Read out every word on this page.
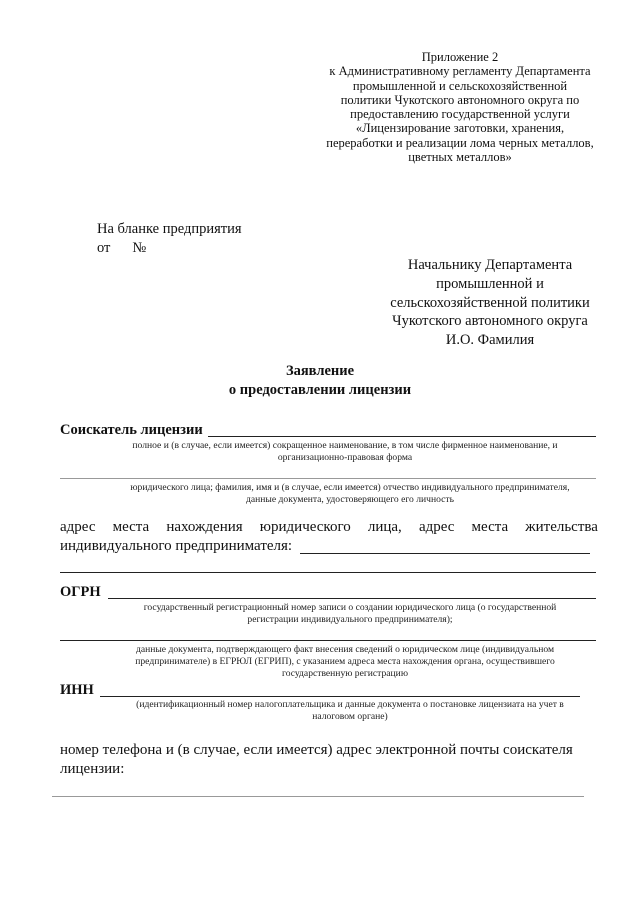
Приложение 2
к Административному регламенту Департамента
промышленной и сельскохозяйственной
политики Чукотского автономного округа по
предоставлению государственной услуги
«Лицензирование заготовки, хранения,
переработки и реализации лома черных металлов,
цветных металлов»
На бланке предприятия
от №
Начальнику Департамента
промышленной и
сельскохозяйственной политики
Чукотского автономного округа
И.О. Фамилия
Заявление
о предоставлении лицензии
Соискатель лицензии
полное и (в случае, если имеется) сокращенное наименование, в том числе фирменное наименование, и
организационно-правовая форма
юридического лица; фамилия, имя и (в случае, если имеется) отчество индивидуального предпринимателя,
данные документа, удостоверяющего его личность
адрес места нахождения юридического лица, адрес места жительства
индивидуального предпринимателя:
ОГРН
государственный регистрационный номер записи о создании юридического лица (о государственной
регистрации индивидуального предпринимателя);
данные документа, подтверждающего факт внесения сведений о юридическом лице (индивидуальном
предпринимателе) в ЕГРЮЛ (ЕГРИП), с указанием адреса места нахождения органа, осуществившего
государственную регистрацию
ИНН
(идентификационный номер налогоплательщика и данные документа о постановке лицензиата на учет в
налоговом органе)
номер телефона и (в случае, если имеется) адрес электронной почты соискателя
лицензии:
